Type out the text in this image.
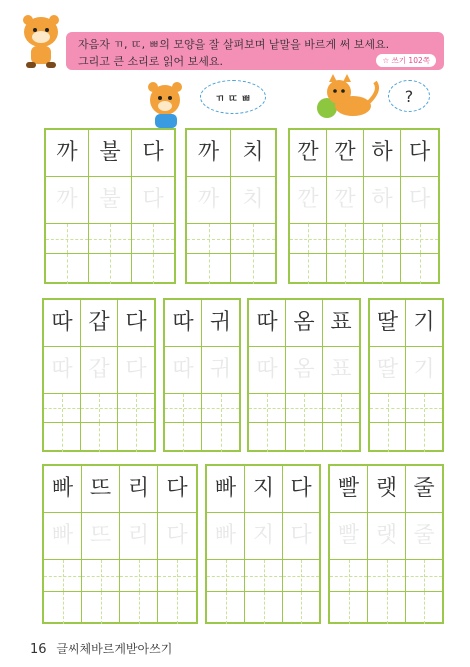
자음자 ㄲ, ㄸ, ㅃ의 모양을 잘 살펴보며 낱말을 바르게 써 보세요.
그리고 큰 소리로 읽어 보세요.	☆ 쓰기 102쪽
ㄲ ㄸ ㅃ	?
까 불 다
까 불 다
까	치
까	치
깐 깐 하 다
깐 깐 하 다
따 갑 다
따 갑 다
따 귀
따 귀
따 옴 표
따 옴 표
딸 기
딸 기
빠 뜨 리 다
빠 뜨 리 다
빠 지 다
빠 지 다
빨 랫 줄
빨 랫 줄
16 글씨체바르게받아쓰기
